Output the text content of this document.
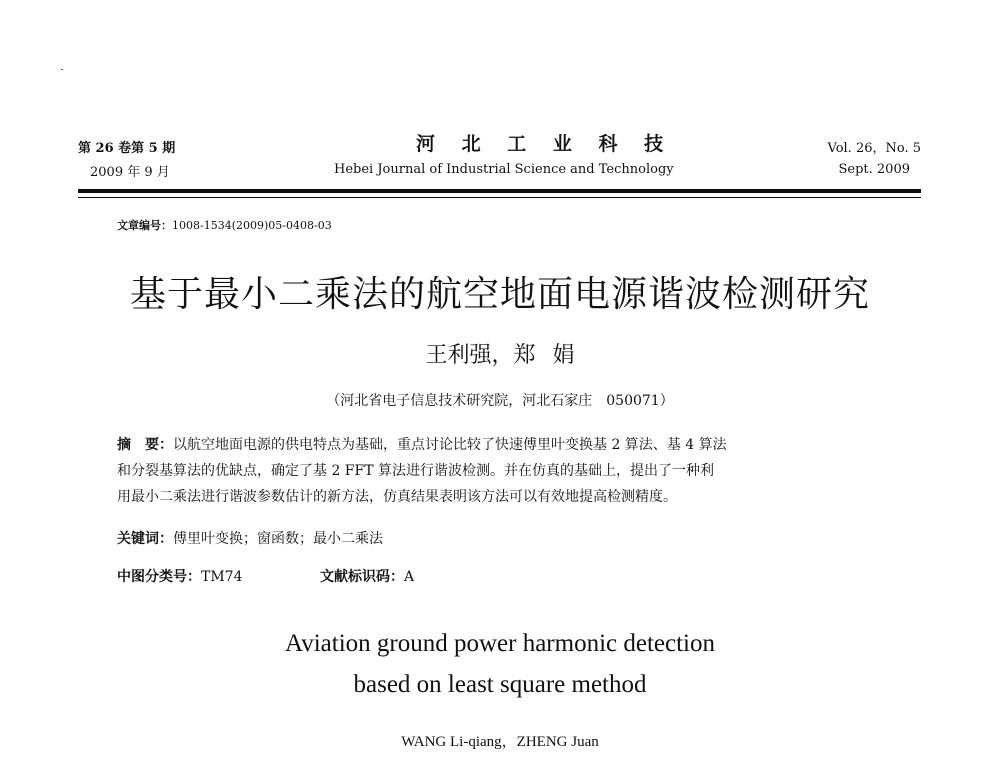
第 26 卷第 5 期
2009 年 9 月
河 北 工 业 科 技
Hebei Journal of Industrial Science and Technology
Vol. 26，No. 5
Sept. 2009
文章编号：1008-1534(2009)05-0408-03
基于最小二乘法的航空地面电源谐波检测研究
王利强，郑 娟
（河北省电子信息技术研究院，河北石家庄　050071）
摘　要：以航空地面电源的供电特点为基础，重点讨论比较了快速傅里叶变换基 2 算法、基 4 算法
和分裂基算法的优缺点，确定了基 2 FFT 算法进行谐波检测。并在仿真的基础上，提出了一种利
用最小二乘法进行谐波参数估计的新方法，仿真结果表明该方法可以有效地提高检测精度。
关键词：傅里叶变换；窗函数；最小二乘法
中图分类号：TM74	文献标识码：A
Aviation ground power harmonic detection
based on least square method
WANG Li-qiang，ZHENG Juan
